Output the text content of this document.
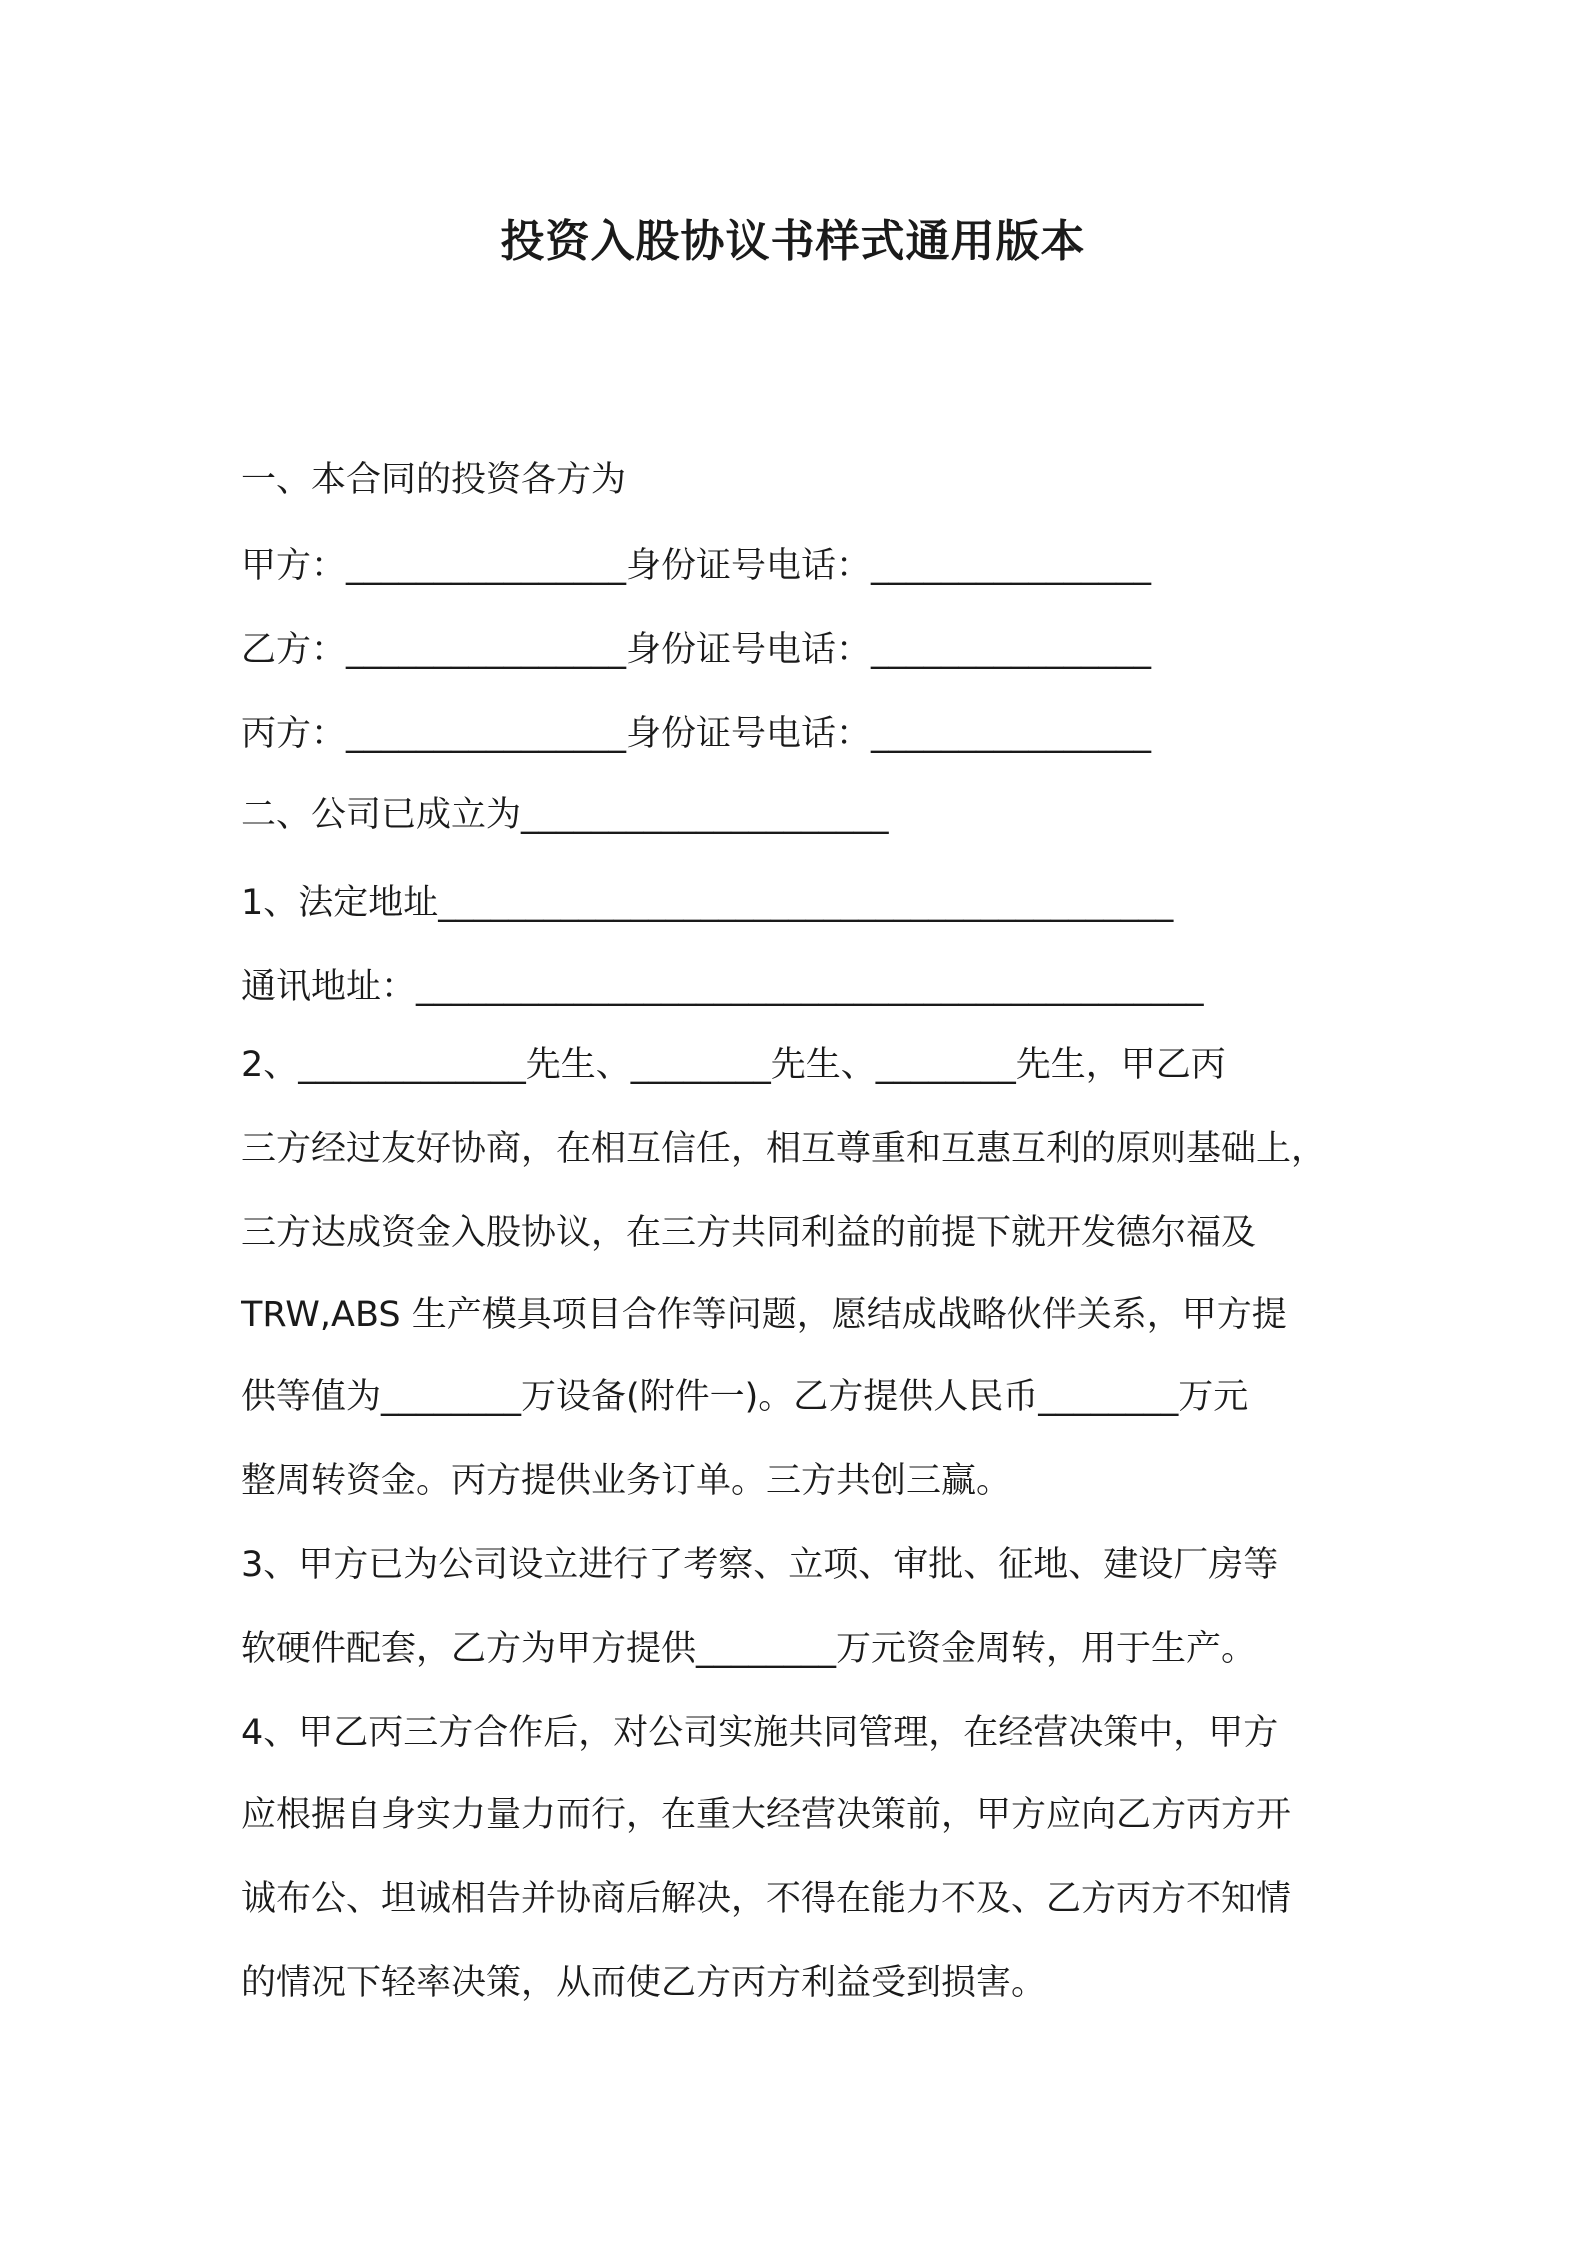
投资入股协议书样式通用版本
一、本合同的投资各方为
甲方：________________身份证号电话：________________
乙方：________________身份证号电话：________________
丙方：________________身份证号电话：________________
二、公司已成立为_____________________
1、法定地址__________________________________________
通讯地址：_____________________________________________
2、_____________先生、________先生、________先生，甲乙丙
三方经过友好协商，在相互信任，相互尊重和互惠互利的原则基础上，
三方达成资金入股协议，在三方共同利益的前提下就开发德尔福及
TRW,ABS 生产模具项目合作等问题，愿结成战略伙伴关系，甲方提
供等值为________万设备(附件一)。乙方提供人民币________万元
整周转资金。丙方提供业务订单。三方共创三赢。
3、甲方已为公司设立进行了考察、立项、审批、征地、建设厂房等
软硬件配套，乙方为甲方提供________万元资金周转，用于生产。
4、甲乙丙三方合作后，对公司实施共同管理，在经营决策中，甲方
应根据自身实力量力而行，在重大经营决策前，甲方应向乙方丙方开
诚布公、坦诚相告并协商后解决，不得在能力不及、乙方丙方不知情
的情况下轻率决策，从而使乙方丙方利益受到损害。
